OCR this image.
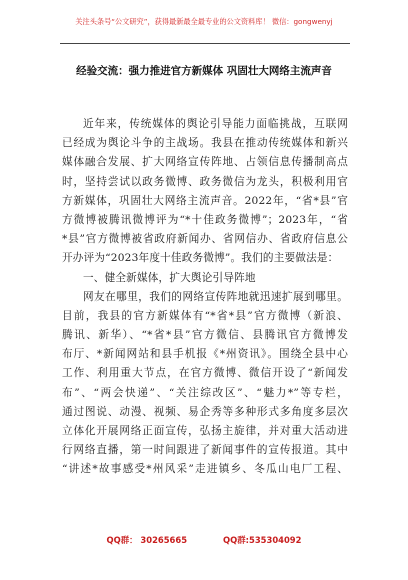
关注头条号“公文研究”，获得最新最全最专业的公文资料库！ 微信：gongwenyj
经验交流：强力推进官方新媒体 巩固壮大网络主流声音
近年来，传统媒体的舆论引导能力面临挑战，互联网
已经成为舆论斗争的主战场。我县在推动传统媒体和新兴
媒体融合发展、扩大网络宣传阵地、占领信息传播制高点
时，坚持尝试以政务微博、政务微信为龙头，积极利用官
方新媒体，巩固壮大网络主流声音。2022年，“省*县”官
方微博被腾讯微博评为“*十佳政务微博”；2023年，“省
*县”官方微博被省政府新闻办、省网信办、省政府信息公
开办评为“2023年度十佳政务微博”。我们的主要做法是：
一、健全新媒体，扩大舆论引导阵地
网友在哪里，我们的网络宣传阵地就迅速扩展到哪里。
目前，我县的官方新媒体有“*省*县”官方微博（新浪、
腾讯、新华）、“*省*县”官方微信、县腾讯官方微博发
布厅、*新闻网站和县手机报《*州资讯》。围绕全县中心
工作、利用重大节点，在官方微博、微信开设了“新闻发
布”、“两会快递”、“关注综改区”、“魅力*”等专栏，
通过图说、动漫、视频、易企秀等多种形式多角度多层次
立体化开展网络正面宣传，弘扬主旋律，并对重大活动进
行网络直播，第一时间跟进了新闻事件的宣传报道。其中
“讲述*故事感受*州风采”走进镇乡、冬瓜山电厂工程、
QQ群： 30265665	QQ群:535304092
